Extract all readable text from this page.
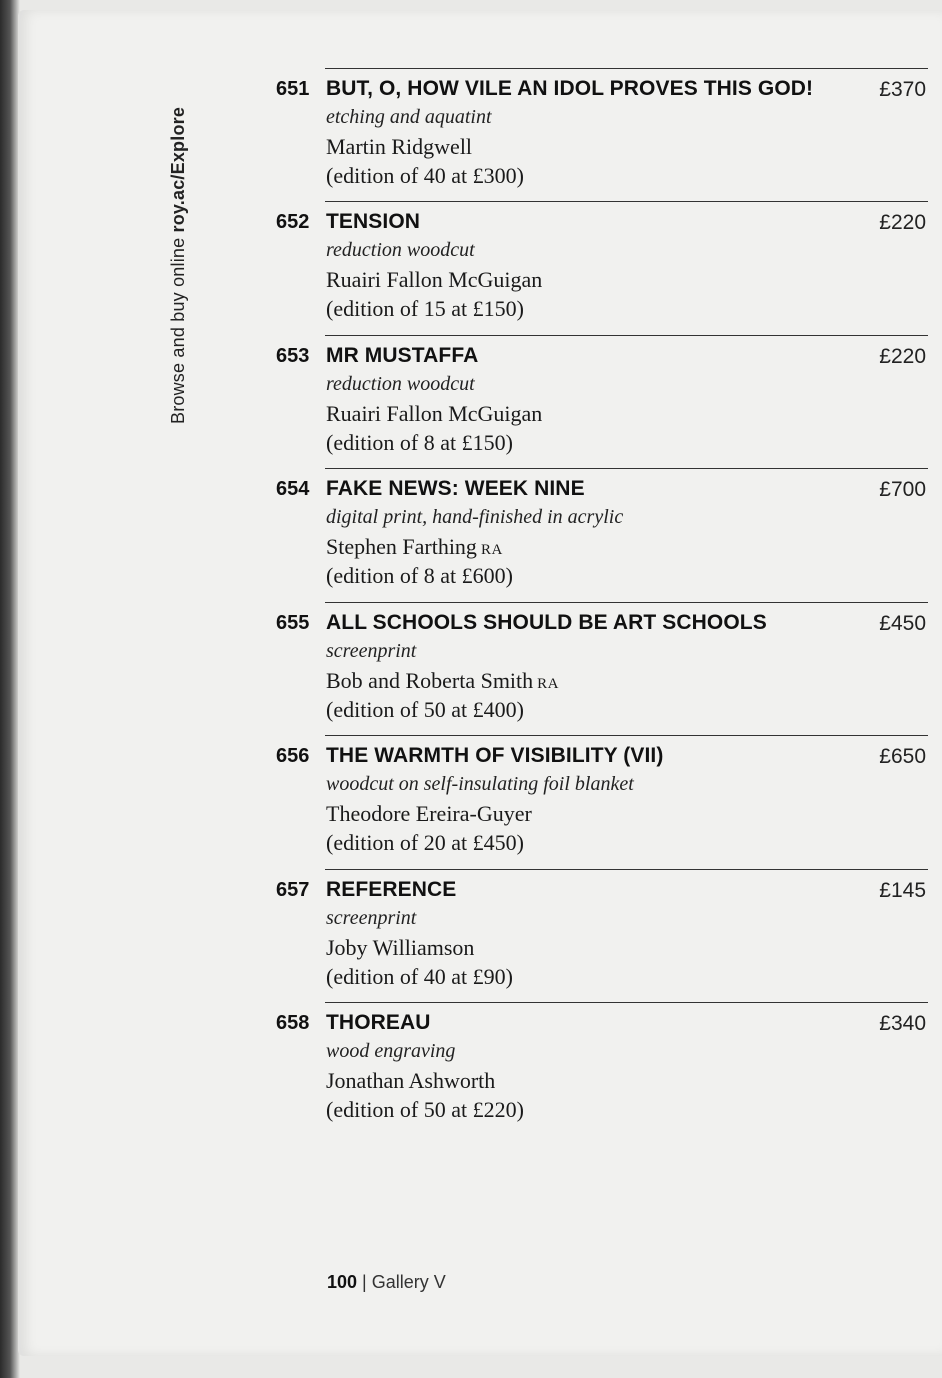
Browse and buy online roy.ac/Explore
651 BUT, O, HOW VILE AN IDOL PROVES THIS GOD!	£370
etching and aquatint
Martin Ridgwell
(edition of 40 at £300)
652 TENSION	£220
reduction woodcut
Ruairi Fallon McGuigan
(edition of 15 at £150)
653 MR MUSTAFFA	£220
reduction woodcut
Ruairi Fallon McGuigan
(edition of 8 at £150)
654 FAKE NEWS: WEEK NINE	£700
digital print, hand-finished in acrylic
Stephen Farthing RA
(edition of 8 at £600)
655 ALL SCHOOLS SHOULD BE ART SCHOOLS	£450
screenprint
Bob and Roberta Smith RA
(edition of 50 at £400)
656 THE WARMTH OF VISIBILITY (VII)	£650
woodcut on self-insulating foil blanket
Theodore Ereira-Guyer
(edition of 20 at £450)
657 REFERENCE	£145
screenprint
Joby Williamson
(edition of 40 at £90)
658 THOREAU	£340
wood engraving
Jonathan Ashworth
(edition of 50 at £220)
100 | Gallery V
